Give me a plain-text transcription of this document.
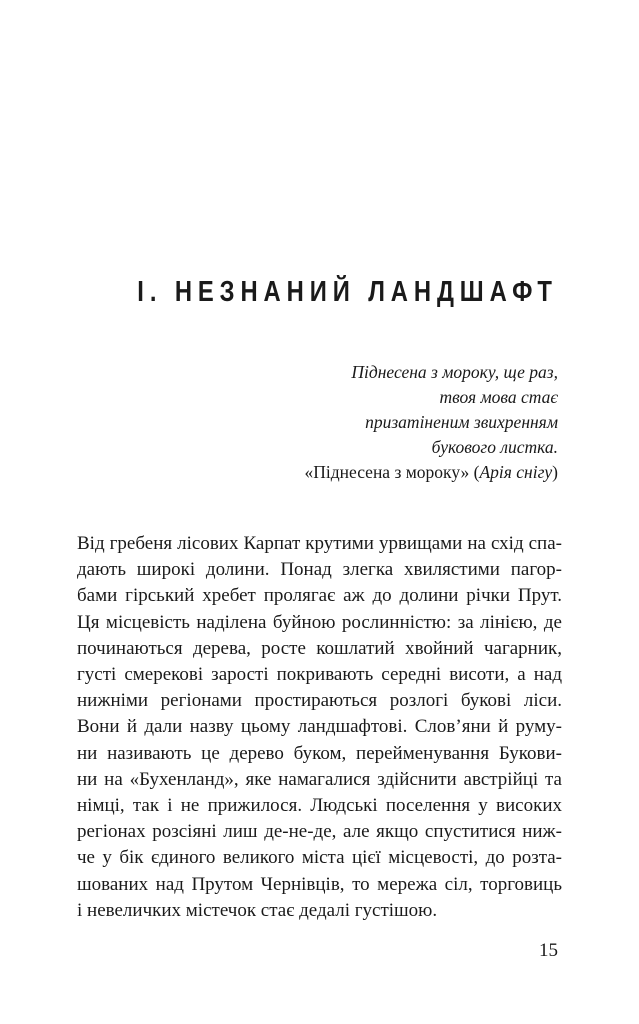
І. НЕЗНАНИЙ ЛАНДШАФТ
Піднесена з мороку, ще раз,
твоя мова стає
призатіненим звихренням
букового листка.
«Піднесена з мороку» (Арія снігу)
Від гребеня лісових Карпат крутими урвищами на схід спа-
дають широкі долини. Понад злегка хвилястими пагор-
бами гірський хребет пролягає аж до долини річки Прут.
Ця місцевість наділена буйною рослинністю: за лінією, де
починаються дерева, росте кошлатий хвойний чагарник,
густі смерекові зарості покривають середні висоти, а над
нижніми регіонами простираються розлогі букові ліси.
Вони й дали назву цьому ландшафтові. Слов’яни й руму-
ни називають це дерево буком, перейменування Букови-
ни на «Бухенланд», яке намагалися здійснити австрійці та
німці, так і не прижилося. Людські поселення у високих
регіонах розсіяні лиш де-не-де, але якщо спуститися ниж-
че у бік єдиного великого міста цієї місцевості, до розта-
шованих над Прутом Чернівців, то мережа сіл, торговиць
і невеличких містечок стає дедалі густішою.
15
